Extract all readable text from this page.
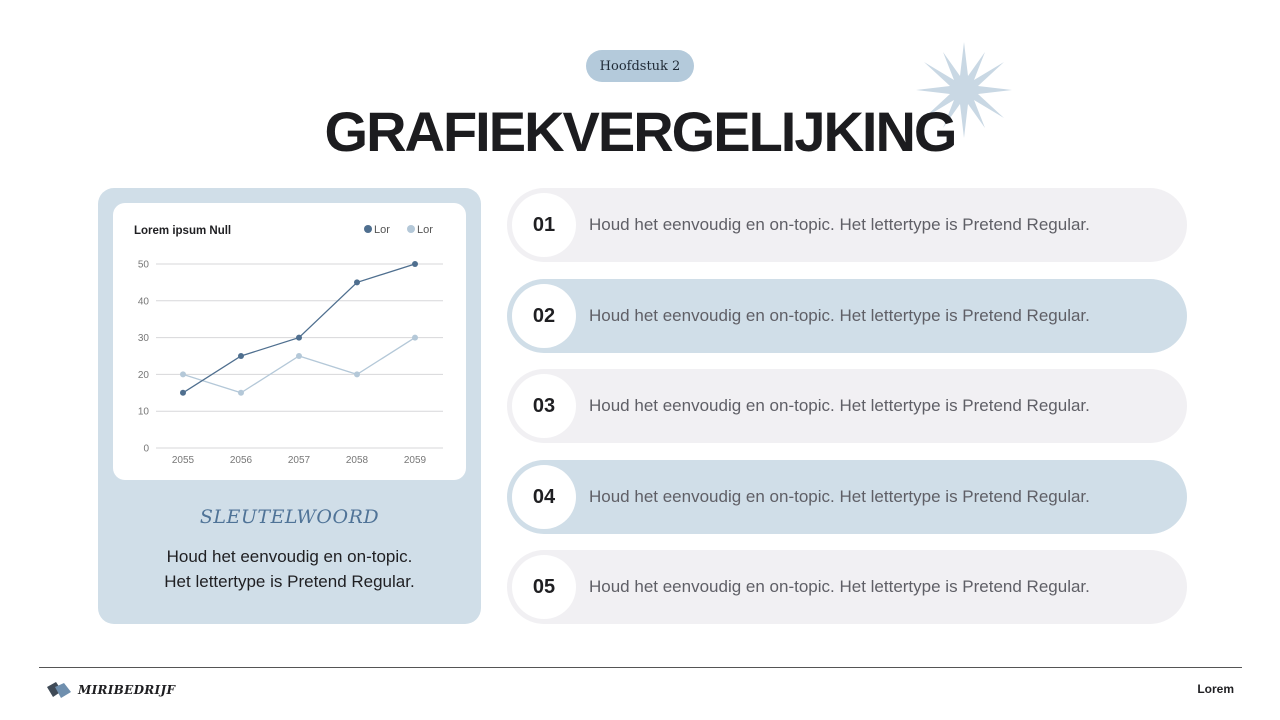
Hoofdstuk 2
GRAFIEKVERGELIJKING
Lorem ipsum Null	Lor Lor
0
10
20
30
40
50
2055	2056	2057	2058	2059
SLEUTELWOORD
Houd het eenvoudig en on-topic.
Het lettertype is Pretend Regular.
01	Houd het eenvoudig en on-topic. Het lettertype is Pretend Regular.
02	Houd het eenvoudig en on-topic. Het lettertype is Pretend Regular.
03	Houd het eenvoudig en on-topic. Het lettertype is Pretend Regular.
04	Houd het eenvoudig en on-topic. Het lettertype is Pretend Regular.
05	Houd het eenvoudig en on-topic. Het lettertype is Pretend Regular.
MIRIBEDRIJF	Lorem
